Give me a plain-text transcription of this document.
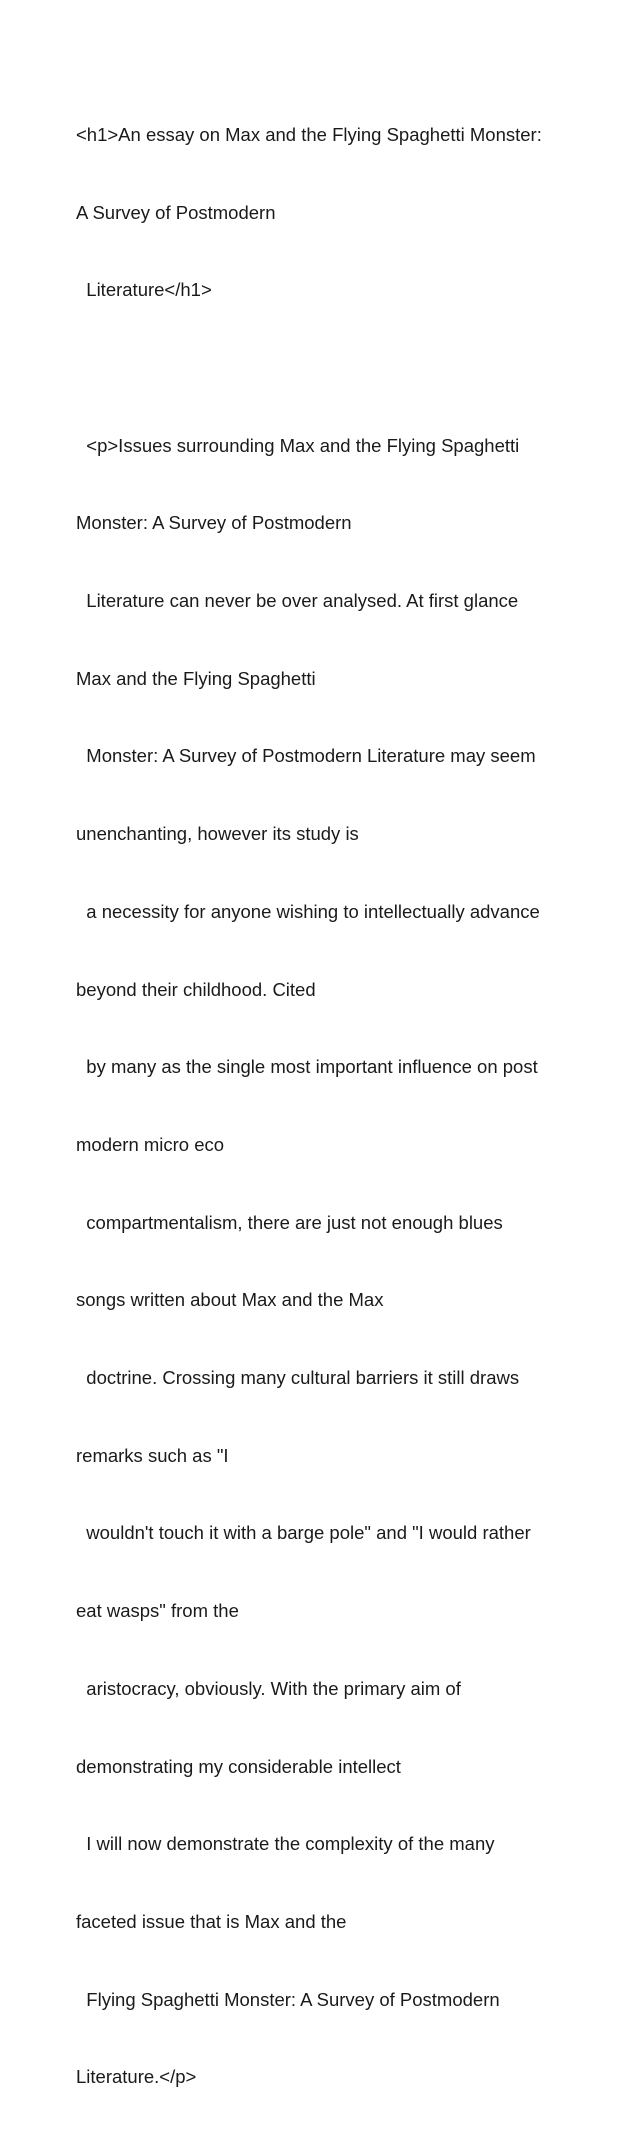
<h1>An essay on Max and the Flying Spaghetti Monster:

A Survey of Postmodern

Literature</h1>

<p>Issues surrounding Max and the Flying Spaghetti

Monster: A Survey of Postmodern

Literature can never be over analysed. At first glance

Max and the Flying Spaghetti

Monster: A Survey of Postmodern Literature may seem

unenchanting, however its study is

a necessity for anyone wishing to intellectually advance

beyond their childhood. Cited

by many as the single most important influence on post

modern micro eco

compartmentalism, there are just not enough blues

songs written about Max and the Max

doctrine. Crossing many cultural barriers it still draws

remarks such as "I

wouldn't touch it with a barge pole" and "I would rather

eat wasps" from the

aristocracy, obviously. With the primary aim of

demonstrating my considerable intellect

I will now demonstrate the complexity of the many

faceted issue that is Max and the

Flying Spaghetti Monster: A Survey of Postmodern

Literature.</p>
